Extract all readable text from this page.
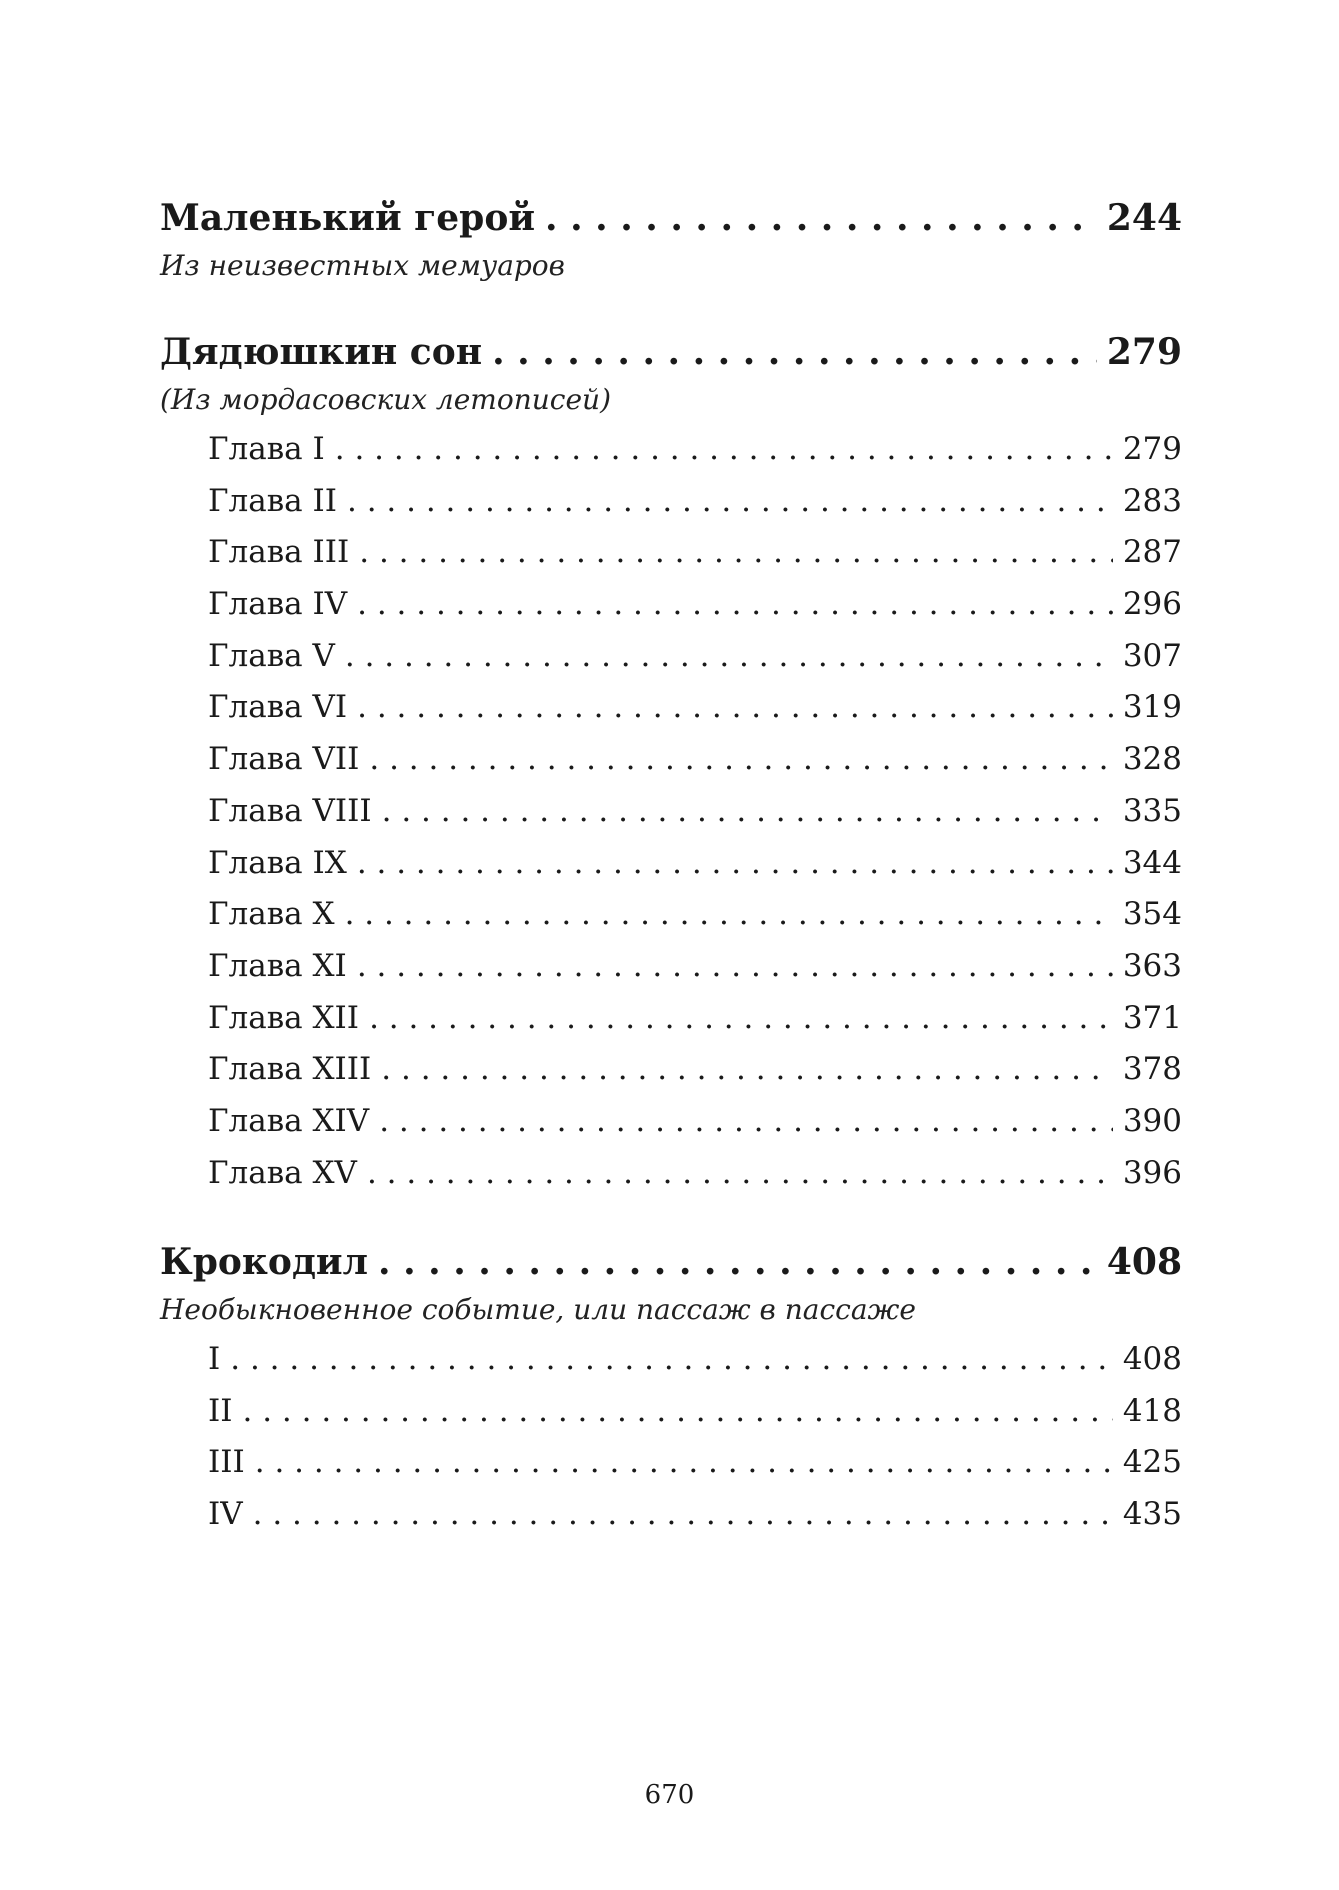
Маленький герой . . .	244
Из неизвестных мемуаров
Дядюшкин сон . . .	279
(Из мордасовских летописей)
Глава I . . .	279
Глава II . . .	283
Глава III . . .	287
Глава IV . . .	296
Глава V . . .	307
Глава VI . . .	319
Глава VII . . .	328
Глава VIII . . .	335
Глава IX . . .	344
Глава X . . .	354
Глава XI . . .	363
Глава XII . . .	371
Глава XIII . . .	378
Глава XIV . . .	390
Глава XV . . .	396
Крокодил . . .	408
Необыкновенное событие, или пассаж в пассаже
I . . .	408
II . . .	418
III . . .	425
IV . . .	435
670
